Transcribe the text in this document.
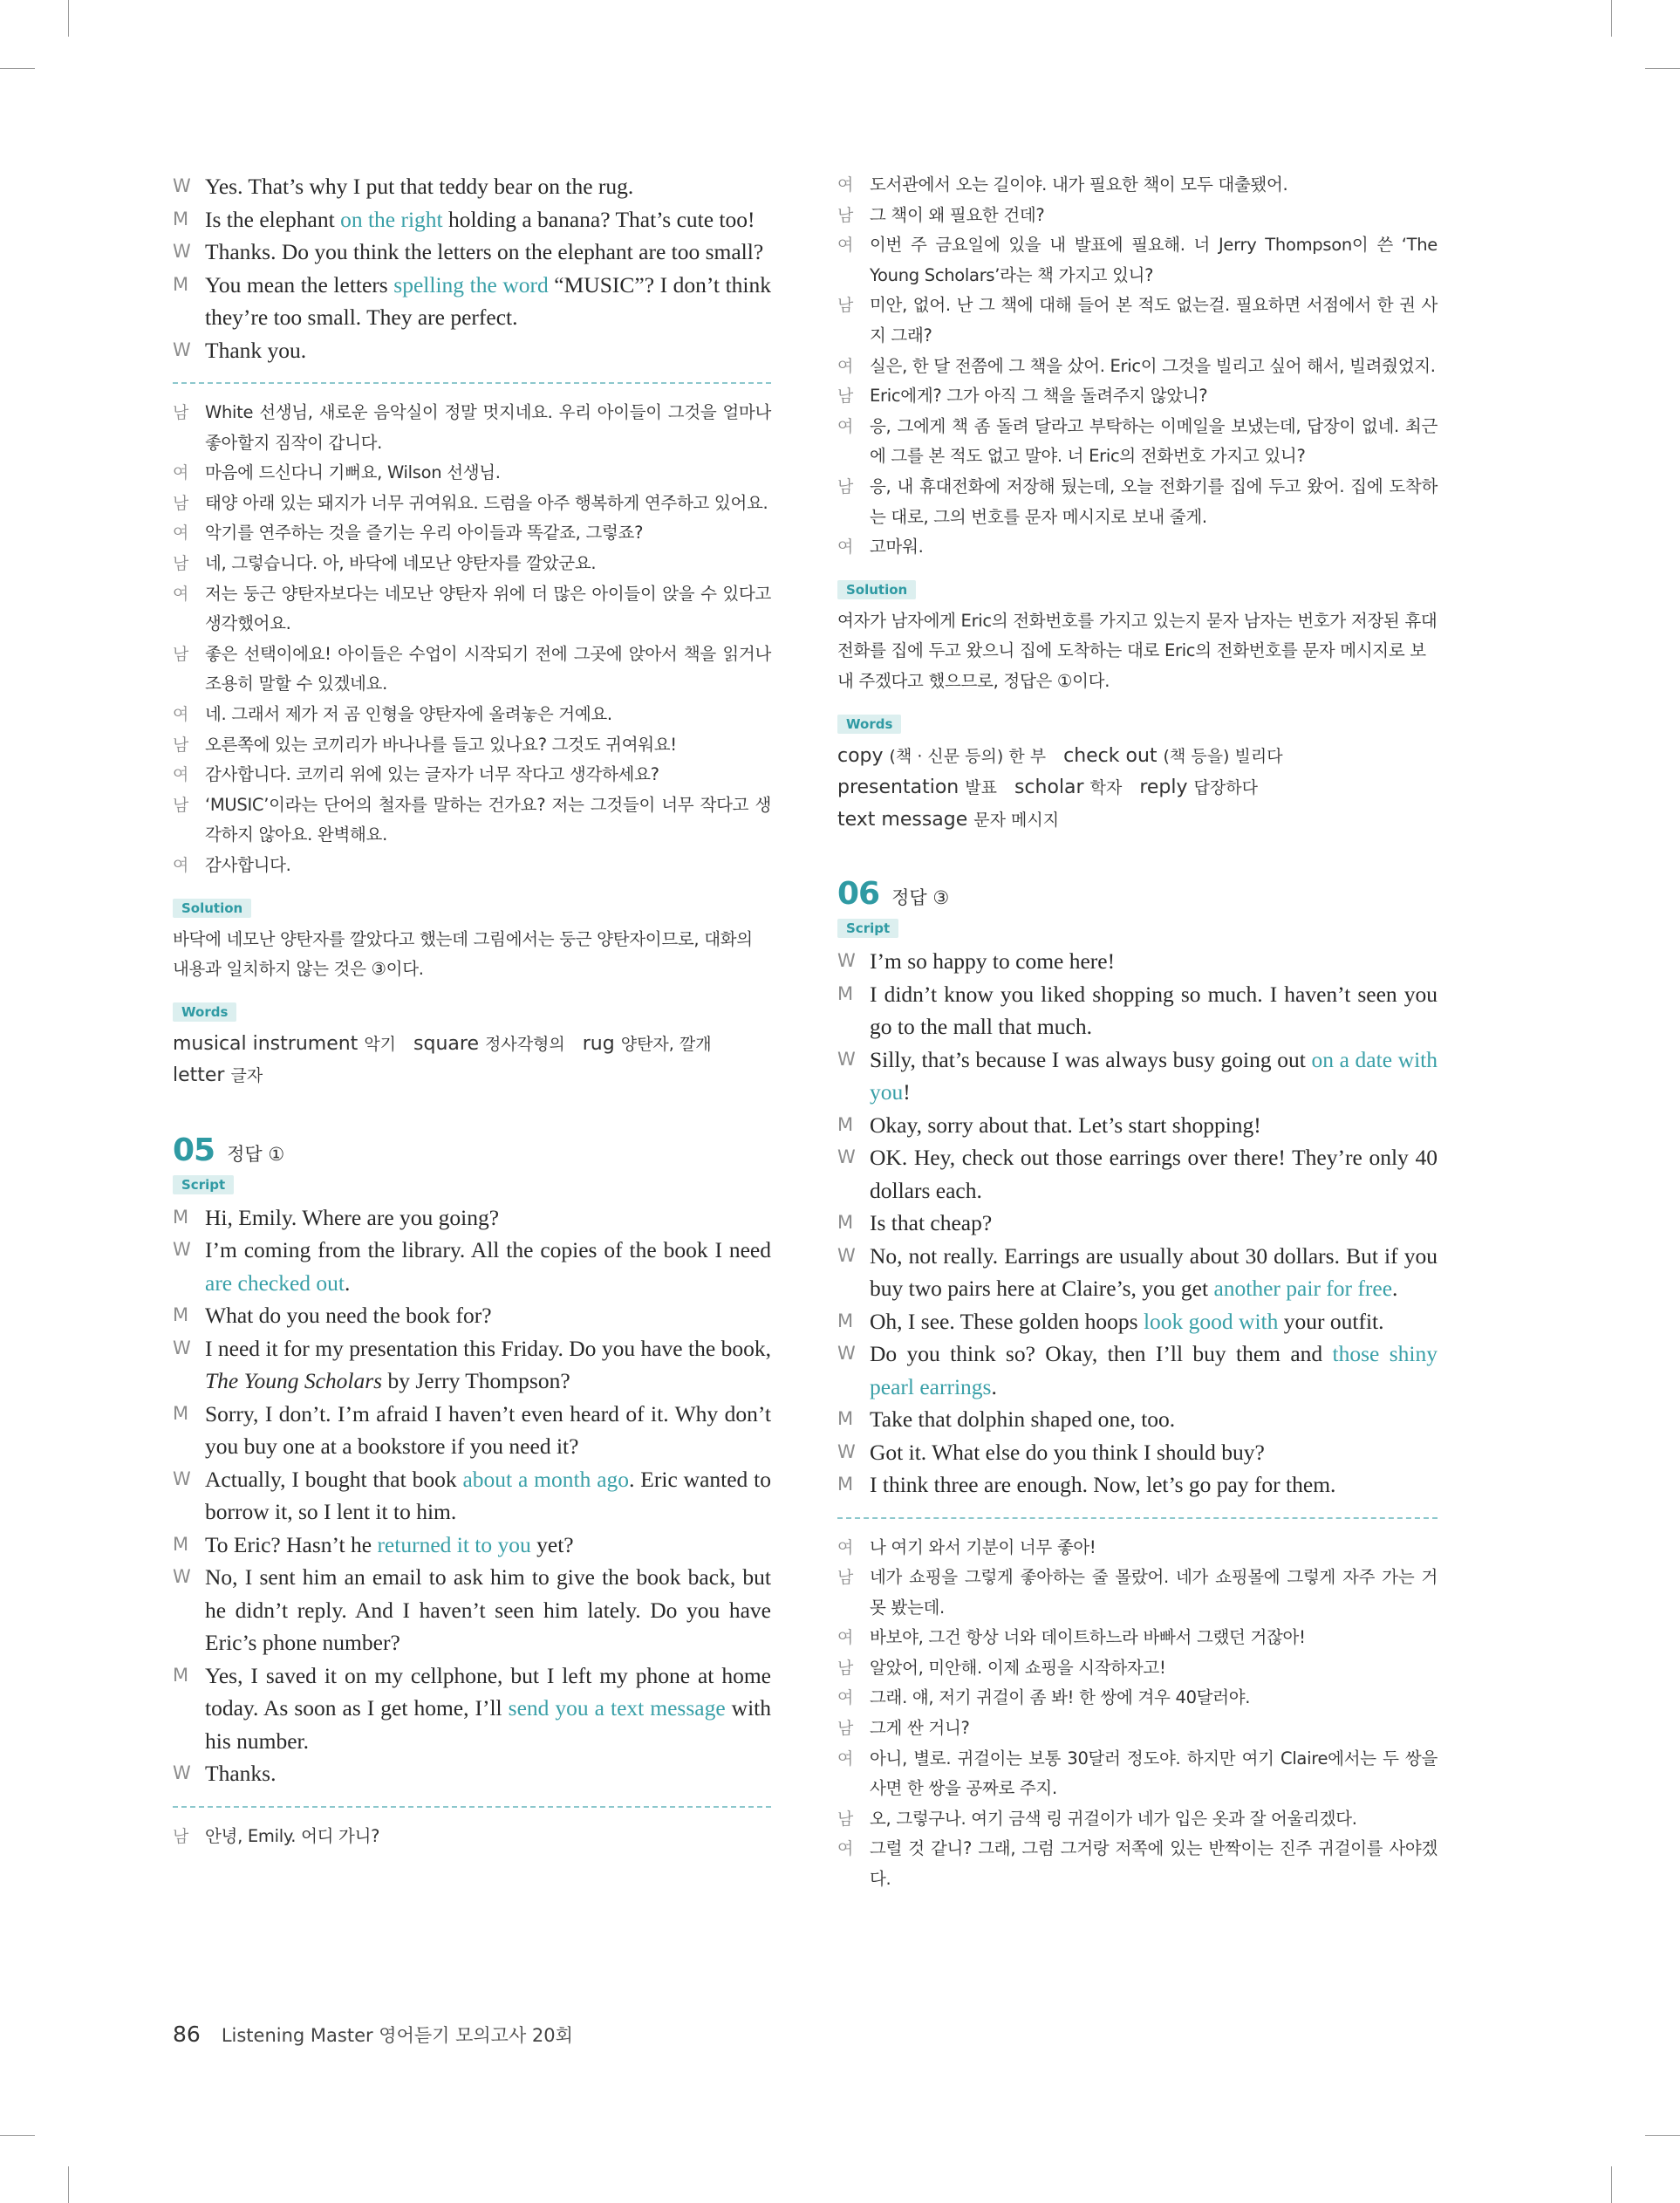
W Yes. That’s why I put that teddy bear on the rug.
M Is the elephant on the right holding a banana? That’s cute too!
W Thanks. Do you think the letters on the elephant are too small?
M You mean the letters spelling the word “MUSIC”? I don’t think they’re too small. They are perfect.
W Thank you.
남 White 선생님, 새로운 음악실이 정말 멋지네요. 우리 아이들이 그것을 얼마나 좋아할지 짐작이 갑니다.
여 마음에 드신다니 기뻐요, Wilson 선생님.
남 태양 아래 있는 돼지가 너무 귀여워요. 드럼을 아주 행복하게 연주하고 있어요.
여 악기를 연주하는 것을 즐기는 우리 아이들과 똑같죠, 그렇죠?
남 네, 그렇습니다. 아, 바닥에 네모난 양탄자를 깔았군요.
여 저는 둥근 양탄자보다는 네모난 양탄자 위에 더 많은 아이들이 앉을 수 있다고 생각했어요.
남 좋은 선택이에요! 아이들은 수업이 시작되기 전에 그곳에 앉아서 책을 읽거나 조용히 말할 수 있겠네요.
여 네. 그래서 제가 저 곰 인형을 양탄자에 올려놓은 거예요.
남 오른쪽에 있는 코끼리가 바나나를 들고 있나요? 그것도 귀여워요!
여 감사합니다. 코끼리 위에 있는 글자가 너무 작다고 생각하세요?
남 ‘MUSIC’이라는 단어의 철자를 말하는 건가요? 저는 그것들이 너무 작다고 생각하지 않아요. 완벽해요.
여 감사합니다.
Solution
바닥에 네모난 양탄자를 깔았다고 했는데 그림에서는 둥근 양탄자이므로, 대화의 내용과 일치하지 않는 것은 ③이다.
Words
musical instrument 악기 square 정사각형의 rug 양탄자, 깔개
letter 글자
05 정답 ①
Script
M Hi, Emily. Where are you going?
W I’m coming from the library. All the copies of the book I need are checked out.
M What do you need the book for?
W I need it for my presentation this Friday. Do you have the book, The Young Scholars by Jerry Thompson?
M Sorry, I don’t. I’m afraid I haven’t even heard of it. Why don’t you buy one at a bookstore if you need it?
W Actually, I bought that book about a month ago. Eric wanted to borrow it, so I lent it to him.
M To Eric? Hasn’t he returned it to you yet?
W No, I sent him an email to ask him to give the book back, but he didn’t reply. And I haven’t seen him lately. Do you have Eric’s phone number?
M Yes, I saved it on my cellphone, but I left my phone at home today. As soon as I get home, I’ll send you a text message with his number.
W Thanks.
남 안녕, Emily. 어디 가니?
여 도서관에서 오는 길이야. 내가 필요한 책이 모두 대출됐어.
남 그 책이 왜 필요한 건데?
여 이번 주 금요일에 있을 내 발표에 필요해. 너 Jerry Thompson이 쓴 ‘The Young Scholars’라는 책 가지고 있니?
남 미안, 없어. 난 그 책에 대해 들어 본 적도 없는걸. 필요하면 서점에서 한 권 사지 그래?
여 실은, 한 달 전쯤에 그 책을 샀어. Eric이 그것을 빌리고 싶어 해서, 빌려줬었지.
남 Eric에게? 그가 아직 그 책을 돌려주지 않았니?
여 응, 그에게 책 좀 돌려 달라고 부탁하는 이메일을 보냈는데, 답장이 없네. 최근에 그를 본 적도 없고 말야. 너 Eric의 전화번호 가지고 있니?
남 응, 내 휴대전화에 저장해 뒀는데, 오늘 전화기를 집에 두고 왔어. 집에 도착하는 대로, 그의 번호를 문자 메시지로 보내 줄게.
여 고마워.
Solution
여자가 남자에게 Eric의 전화번호를 가지고 있는지 묻자 남자는 번호가 저장된 휴대전화를 집에 두고 왔으니 집에 도착하는 대로 Eric의 전화번호를 문자 메시지로 보내 주겠다고 했으므로, 정답은 ①이다.
Words
copy (책 · 신문 등의) 한 부 check out (책 등을) 빌리다
presentation 발표 scholar 학자 reply 답장하다
text message 문자 메시지
06 정답 ③
Script
W I’m so happy to come here!
M I didn’t know you liked shopping so much. I haven’t seen you go to the mall that much.
W Silly, that’s because I was always busy going out on a date with you!
M Okay, sorry about that. Let’s start shopping!
W OK. Hey, check out those earrings over there! They’re only 40 dollars each.
M Is that cheap?
W No, not really. Earrings are usually about 30 dollars. But if you buy two pairs here at Claire’s, you get another pair for free.
M Oh, I see. These golden hoops look good with your outfit.
W Do you think so? Okay, then I’ll buy them and those shiny pearl earrings.
M Take that dolphin shaped one, too.
W Got it. What else do you think I should buy?
M I think three are enough. Now, let’s go pay for them.
여 나 여기 와서 기분이 너무 좋아!
남 네가 쇼핑을 그렇게 좋아하는 줄 몰랐어. 네가 쇼핑몰에 그렇게 자주 가는 거 못 봤는데.
여 바보야, 그건 항상 너와 데이트하느라 바빠서 그랬던 거잖아!
남 알았어, 미안해. 이제 쇼핑을 시작하자고!
여 그래. 얘, 저기 귀걸이 좀 봐! 한 쌍에 겨우 40달러야.
남 그게 싼 거니?
여 아니, 별로. 귀걸이는 보통 30달러 정도야. 하지만 여기 Claire에서는 두 쌍을 사면 한 쌍을 공짜로 주지.
남 오, 그렇구나. 여기 금색 링 귀걸이가 네가 입은 옷과 잘 어울리겠다.
여 그럴 것 같니? 그래, 그럼 그거랑 저쪽에 있는 반짝이는 진주 귀걸이를 사야겠다.
86 Listening Master 영어듣기 모의고사 20회
